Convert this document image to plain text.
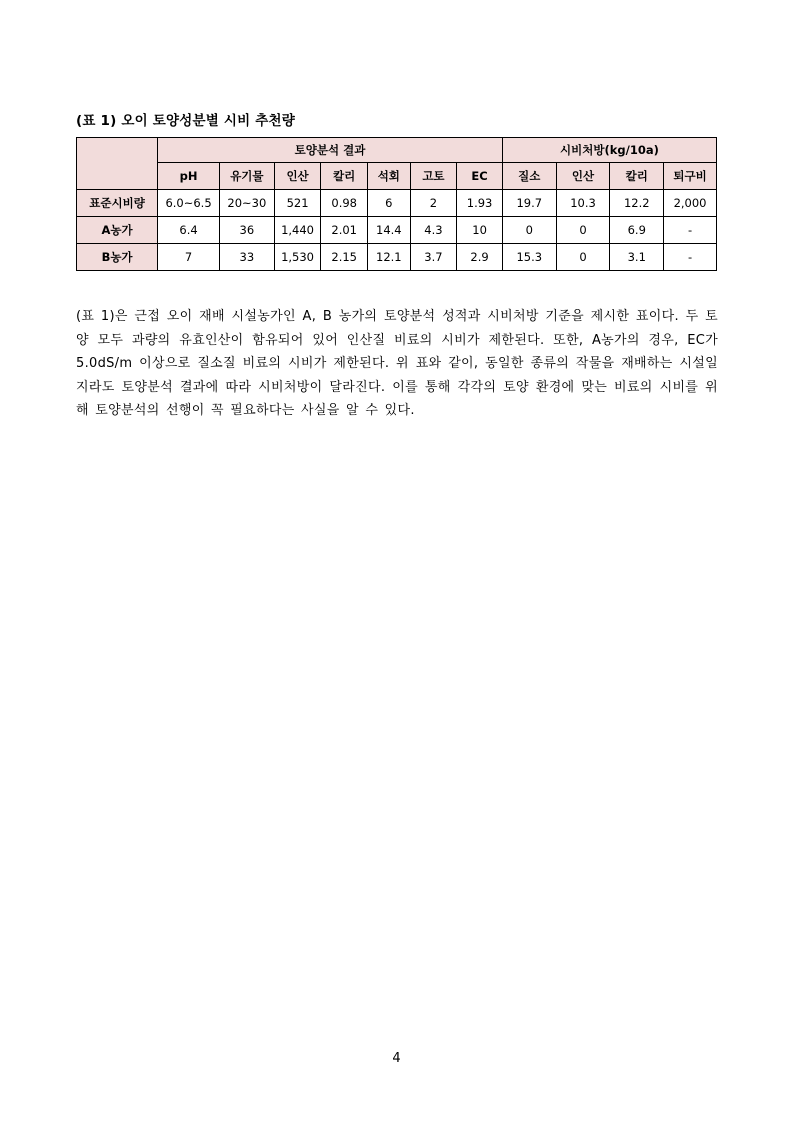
(표 1) 오이 토양성분별 시비 추천량
	토양분석 결과							시비처방(kg/10a)			
	pH	유기물	인산	칼리	석회	고토	EC	질소	인산	칼리	퇴구비
표준시비량	6.0~6.5	20~30	521	0.98	6	2	1.93	19.7	10.3	12.2	2,000
A농가	6.4	36	1,440	2.01	14.4	4.3	10	0	0	6.9	-
B농가	7	33	1,530	2.15	12.1	3.7	2.9	15.3	0	3.1	-

(표 1)은 근접 오이 재배 시설농가인 A, B 농가의 토양분석 성적과 시비처방 기준을 제시한 표이다. 두 토양 모두 과량의 유효인산이 함유되어 있어 인산질 비료의 시비가 제한된다. 또한, A농가의 경우, EC가 5.0dS/m 이상으로 질소질 비료의 시비가 제한된다. 위 표와 같이, 동일한 종류의 작물을 재배하는 시설일지라도 토양분석 결과에 따라 시비처방이 달라진다. 이를 통해 각각의 토양 환경에 맞는 비료의 시비를 위해 토양분석의 선행이 꼭 필요하다는 사실을 알 수 있다.

4
